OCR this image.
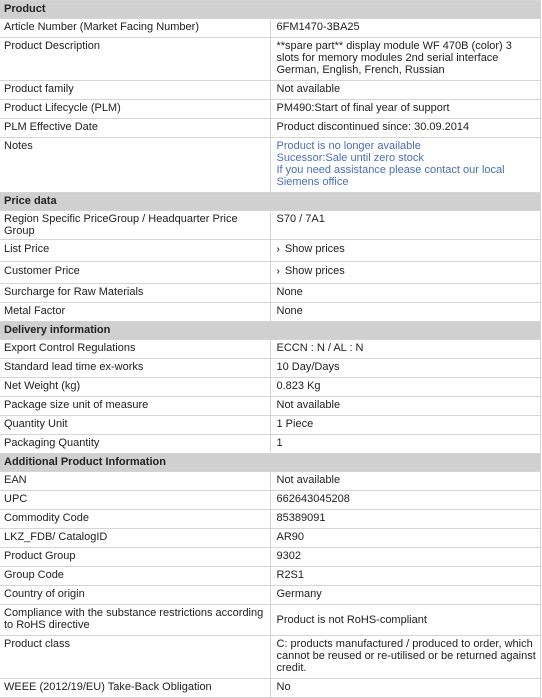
Product	
Article Number (Market Facing Number)	6FM1470-3BA25
Product Description	**spare part** display module WF 470B (color) 3 slots for memory modules 2nd serial interface German, English, French, Russian
Product family	Not available
Product Lifecycle (PLM)	PM490:Start of final year of support
PLM Effective Date	Product discontinued since: 30.09.2014
Notes	Product is no longer available
Sucessor:Sale until zero stock
If you need assistance please contact our local
Siemens office

Price data	
Region Specific PriceGroup / Headquarter Price Group	S70 / 7A1
List Price	› Show prices
Customer Price	› Show prices
Surcharge for Raw Materials	None
Metal Factor	None
Delivery information	
Export Control Regulations	ECCN : N / AL : N
Standard lead time ex-works	10 Day/Days
Net Weight (kg)	0.823 Kg
Package size unit of measure	Not available
Quantity Unit	1 Piece
Packaging Quantity	1
Additional Product Information	
EAN	Not available
UPC	662643045208
Commodity Code	85389091
LKZ_FDB/ CatalogID	AR90
Product Group	9302
Group Code	R2S1
Country of origin	Germany
Compliance with the substance restrictions according to RoHS directive	Product is not RoHS-compliant
Product class	C: products manufactured / produced to order, which cannot be reused or re-utilised or be returned against credit.
WEEE (2012/19/EU) Take-Back Obligation	No
